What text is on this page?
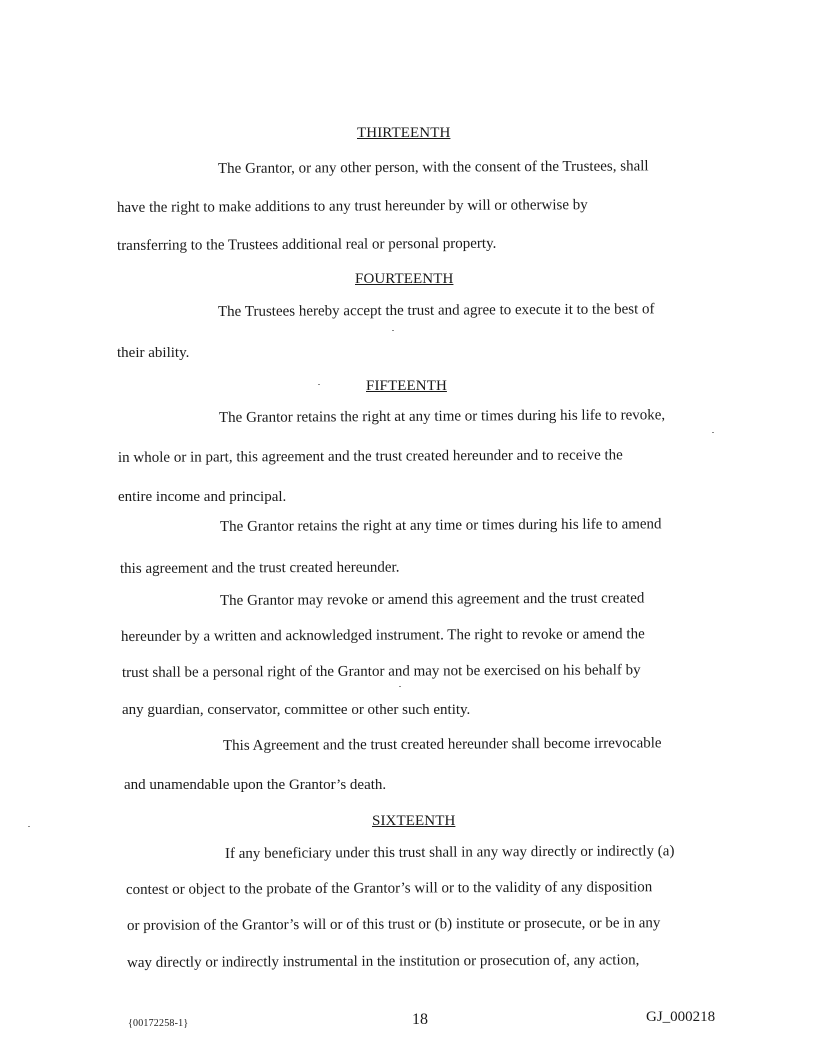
THIRTEENTH
The Grantor, or any other person, with the consent of the Trustees, shall
have the right to make additions to any trust hereunder by will or otherwise by
transferring to the Trustees additional real or personal property.
FOURTEENTH
The Trustees hereby accept the trust and agree to execute it to the best of
their ability.
FIFTEENTH
The Grantor retains the right at any time or times during his life to revoke,
in whole or in part, this agreement and the trust created hereunder and to receive the
entire income and principal.
The Grantor retains the right at any time or times during his life to amend
this agreement and the trust created hereunder.
The Grantor may revoke or amend this agreement and the trust created
hereunder by a written and acknowledged instrument. The right to revoke or amend the
trust shall be a personal right of the Grantor and may not be exercised on his behalf by
any guardian, conservator, committee or other such entity.
This Agreement and the trust created hereunder shall become irrevocable
and unamendable upon the Grantor’s death.
SIXTEENTH
If any beneficiary under this trust shall in any way directly or indirectly (a)
contest or object to the probate of the Grantor’s will or to the validity of any disposition
or provision of the Grantor’s will or of this trust or (b) institute or prosecute, or be in any
way directly or indirectly instrumental in the institution or prosecution of, any action,
{00172258-1}	18	GJ_000218
